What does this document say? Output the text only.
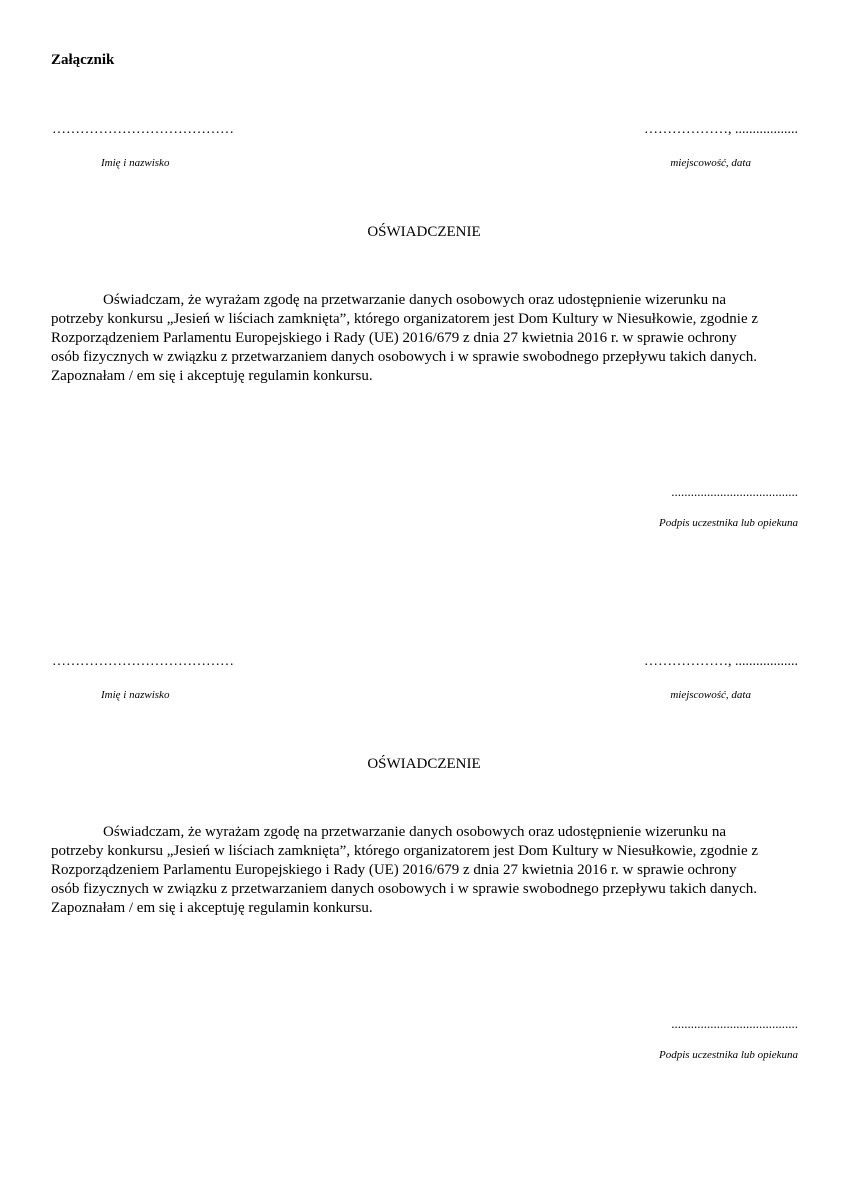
Załącznik
…………………………………	………………, ..................
Imię i nazwisko	miejscowość, data
OŚWIADCZENIE
Oświadczam, że wyrażam zgodę na przetwarzanie danych osobowych oraz udostępnienie wizerunku na
potrzeby konkursu „Jesień w liściach zamknięta”, którego organizatorem jest Dom Kultury w Niesułkowie, zgodnie z
Rozporządzeniem Parlamentu Europejskiego i Rady (UE) 2016/679 z dnia 27 kwietnia 2016 r. w sprawie ochrony
osób fizycznych w związku z przetwarzaniem danych osobowych i w sprawie swobodnego przepływu takich danych.
Zapoznałam / em się i akceptuję regulamin konkursu.
.......................................
Podpis uczestnika lub opiekuna
…………………………………	………………, ..................
Imię i nazwisko	miejscowość, data
OŚWIADCZENIE
Oświadczam, że wyrażam zgodę na przetwarzanie danych osobowych oraz udostępnienie wizerunku na
potrzeby konkursu „Jesień w liściach zamknięta”, którego organizatorem jest Dom Kultury w Niesułkowie, zgodnie z
Rozporządzeniem Parlamentu Europejskiego i Rady (UE) 2016/679 z dnia 27 kwietnia 2016 r. w sprawie ochrony
osób fizycznych w związku z przetwarzaniem danych osobowych i w sprawie swobodnego przepływu takich danych.
Zapoznałam / em się i akceptuję regulamin konkursu.
.......................................
Podpis uczestnika lub opiekuna
